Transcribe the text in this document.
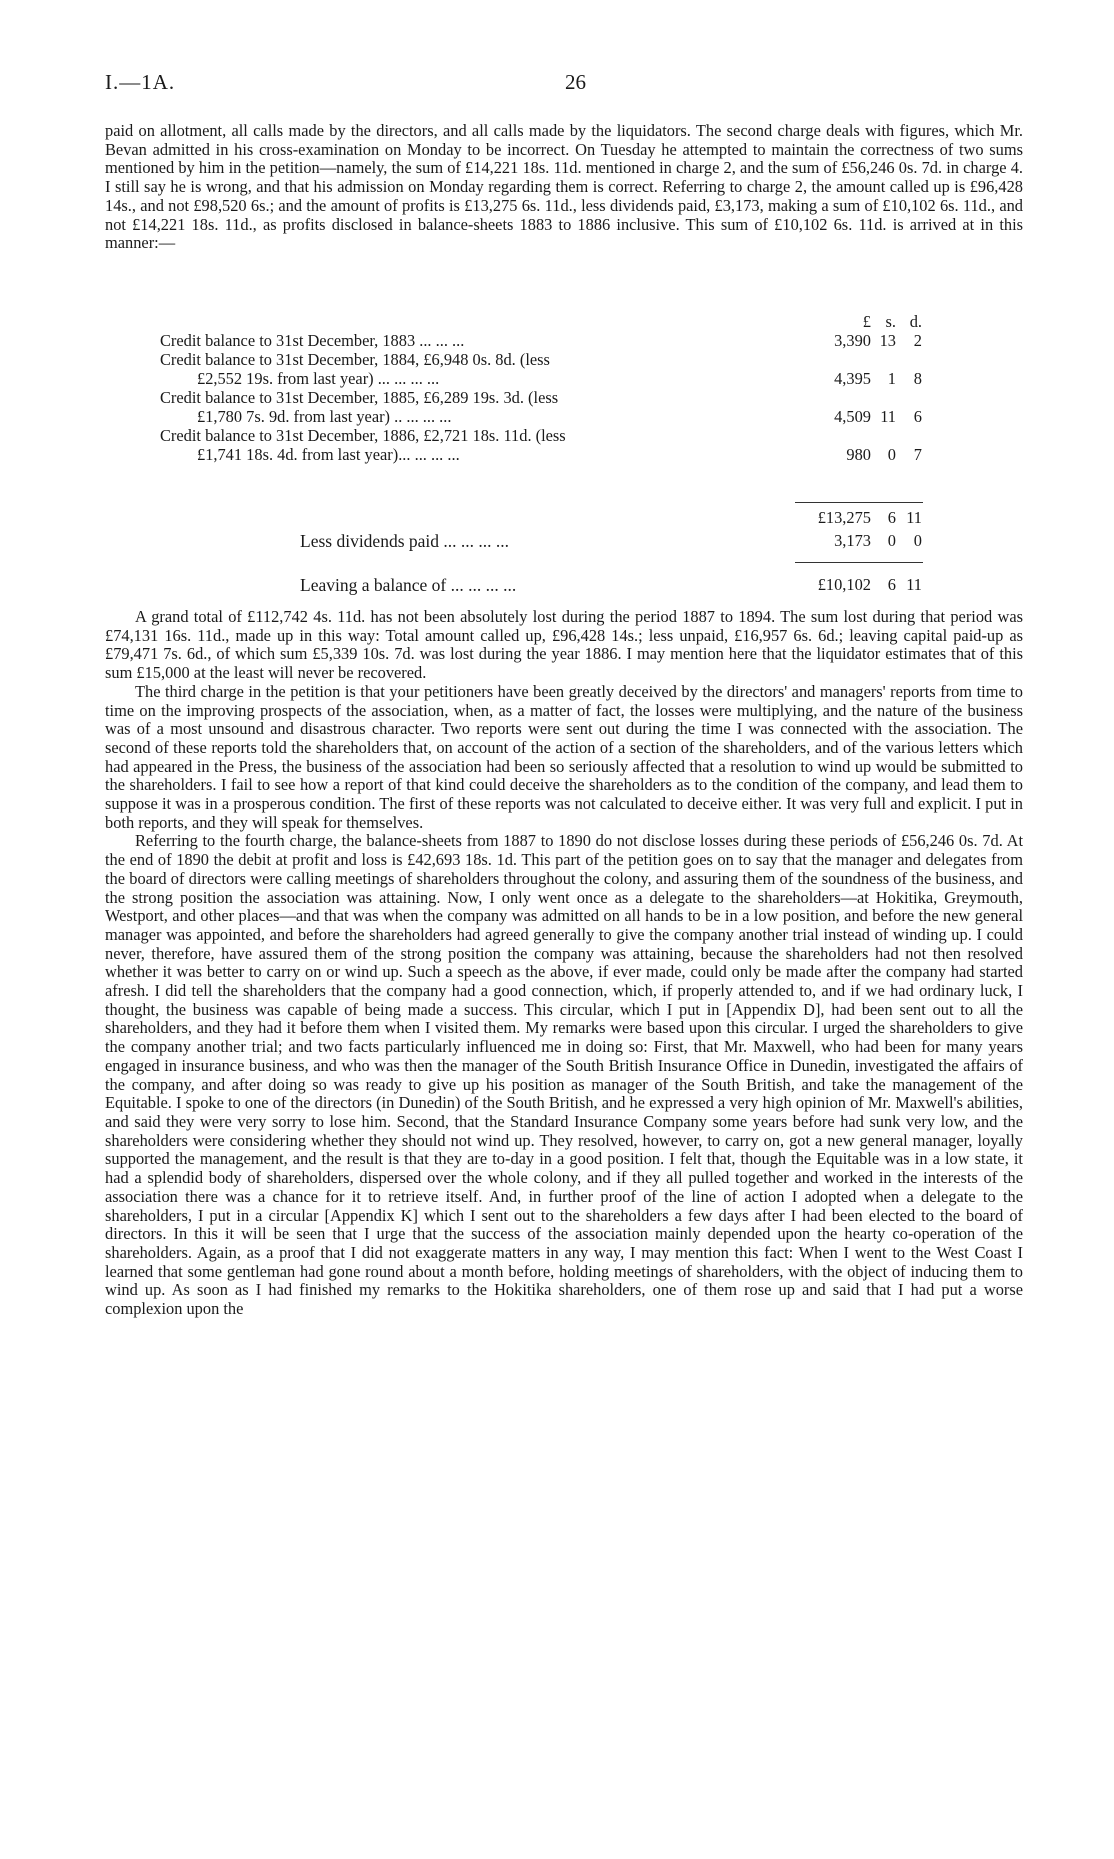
I.—1A.	26

paid on allotment, all calls made by the directors, and all calls made by the liquidators. The second charge deals with figures, which Mr. Bevan admitted in his cross-examination on Monday to be incorrect. On Tuesday he attempted to maintain the correctness of two sums mentioned by him in the petition—namely, the sum of £14,221 18s. 11d. mentioned in charge 2, and the sum of £56,246 0s. 7d. in charge 4. I still say he is wrong, and that his admission on Monday regarding them is correct. Referring to charge 2, the amount called up is £96,428 14s., and not £98,520 6s.; and the amount of profits is £13,275 6s. 11d., less dividends paid, £3,173, making a sum of £10,102 6s. 11d., and not £14,221 18s. 11d., as profits disclosed in balance-sheets 1883 to 1886 inclusive. This sum of £10,102 6s. 11d. is arrived at in this manner:—

£ s. d.
Credit balance to 31st December, 1883 ... ... ...	3,390 13	2
Credit balance to 31st December, 1884, £6,948 0s. 8d. (less
£2,552 19s. from last year) ... ... ... ...	4,395	1	8
Credit balance to 31st December, 1885, £6,289 19s. 3d. (less
£1,780 7s. 9d. from last year) .. ... ... ...	4,509 11	6
Credit balance to 31st December, 1886, £2,721 18s. 11d. (less
£1,741 18s. 4d. from last year)... ... ... ...	980	0	7
£13,275	6 11
Less dividends paid ... ... ... ...	3,173	0	0
Leaving a balance of ... ... ... ...	£10,102	6 11

A grand total of £112,742 4s. 11d. has not been absolutely lost during the period 1887 to 1894. The sum lost during that period was £74,131 16s. 11d., made up in this way: Total amount called up, £96,428 14s.; less unpaid, £16,957 6s. 6d.; leaving capital paid-up as £79,471 7s. 6d., of which sum £5,339 10s. 7d. was lost during the year 1886. I may mention here that the liquidator estimates that of this sum £15,000 at the least will never be recovered.

The third charge in the petition is that your petitioners have been greatly deceived by the directors' and managers' reports from time to time on the improving prospects of the association, when, as a matter of fact, the losses were multiplying, and the nature of the business was of a most unsound and disastrous character. Two reports were sent out during the time I was connected with the association. The second of these reports told the shareholders that, on account of the action of a section of the shareholders, and of the various letters which had appeared in the Press, the business of the association had been so seriously affected that a resolution to wind up would be submitted to the shareholders. I fail to see how a report of that kind could deceive the shareholders as to the condition of the company, and lead them to suppose it was in a prosperous condition. The first of these reports was not calculated to deceive either. It was very full and explicit. I put in both reports, and they will speak for themselves.

Referring to the fourth charge, the balance-sheets from 1887 to 1890 do not disclose losses during these periods of £56,246 0s. 7d. At the end of 1890 the debit at profit and loss is £42,693 18s. 1d. This part of the petition goes on to say that the manager and delegates from the board of directors were calling meetings of shareholders throughout the colony, and assuring them of the soundness of the business, and the strong position the association was attaining. Now, I only went once as a delegate to the shareholders—at Hokitika, Greymouth, Westport, and other places—and that was when the company was admitted on all hands to be in a low position, and before the new general manager was appointed, and before the shareholders had agreed generally to give the company another trial instead of winding up. I could never, therefore, have assured them of the strong position the company was attaining, because the shareholders had not then resolved whether it was better to carry on or wind up. Such a speech as the above, if ever made, could only be made after the company had started afresh. I did tell the shareholders that the company had a good connection, which, if properly attended to, and if we had ordinary luck, I thought, the business was capable of being made a success. This circular, which I put in [Appendix D], had been sent out to all the shareholders, and they had it before them when I visited them. My remarks were based upon this circular. I urged the shareholders to give the company another trial; and two facts particularly influenced me in doing so: First, that Mr. Maxwell, who had been for many years engaged in insurance business, and who was then the manager of the South British Insurance Office in Dunedin, investigated the affairs of the company, and after doing so was ready to give up his position as manager of the South British, and take the management of the Equitable. I spoke to one of the directors (in Dunedin) of the South British, and he expressed a very high opinion of Mr. Maxwell's abilities, and said they were very sorry to lose him. Second, that the Standard Insurance Company some years before had sunk very low, and the shareholders were considering whether they should not wind up. They resolved, however, to carry on, got a new general manager, loyally supported the management, and the result is that they are to-day in a good position. I felt that, though the Equitable was in a low state, it had a splendid body of shareholders, dispersed over the whole colony, and if they all pulled together and worked in the interests of the association there was a chance for it to retrieve itself. And, in further proof of the line of action I adopted when a delegate to the shareholders, I put in a circular [Appendix K] which I sent out to the shareholders a few days after I had been elected to the board of directors. In this it will be seen that I urge that the success of the association mainly depended upon the hearty co-operation of the shareholders. Again, as a proof that I did not exaggerate matters in any way, I may mention this fact: When I went to the West Coast I learned that some gentleman had gone round about a month before, holding meetings of shareholders, with the object of inducing them to wind up. As soon as I had finished my remarks to the Hokitika shareholders, one of them rose up and said that I had put a worse complexion upon the
